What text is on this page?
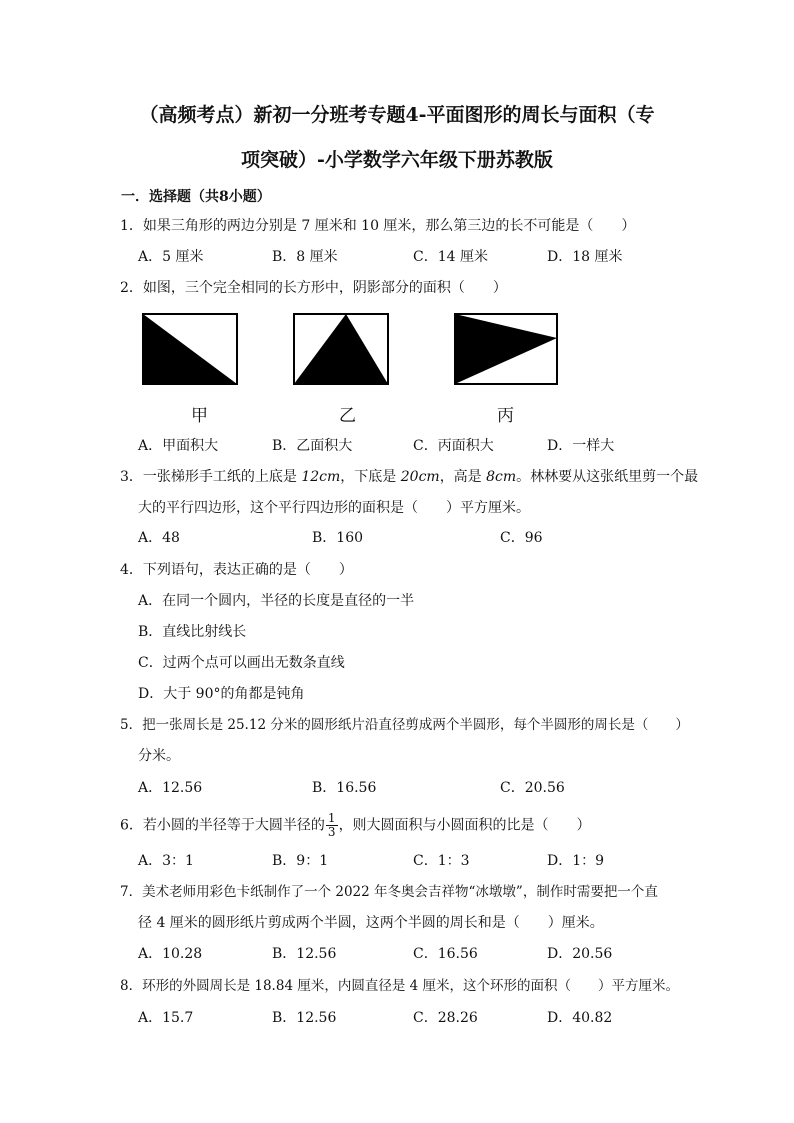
（高频考点）新初一分班考专题4-平面图形的周长与面积（专
项突破）-小学数学六年级下册苏教版
一．选择题（共8小题）
1．如果三角形的两边分别是 7 厘米和 10 厘米，那么第三边的长不可能是（　　）
A．5 厘米	B．8 厘米	C．14 厘米	D．18 厘米
2．如图，三个完全相同的长方形中，阴影部分的面积（　　）
甲	乙	丙
A．甲面积大	B．乙面积大	C．丙面积大	D．一样大
3．一张梯形手工纸的上底是 12cm，下底是 20cm，高是 8cm。林林要从这张纸里剪一个最
大的平行四边形，这个平行四边形的面积是（　　）平方厘米。
A．48	B．160	C．96
4．下列语句，表达正确的是（　　）
A．在同一个圆内，半径的长度是直径的一半
B．直线比射线长
C．过两个点可以画出无数条直线
D．大于 90°的角都是钝角
5．把一张周长是 25.12 分米的圆形纸片沿直径剪成两个半圆形，每个半圆形的周长是（　　）
分米。
A．12.56	B．16.56	C．20.56
6．若小圆的半径等于大圆半径的 $\frac{1}{3}$ ，则大圆面积与小圆面积的比是（　　）
A．3：1	B．9：1	C．1：3	D．1：9
7．美术老师用彩色卡纸制作了一个 2022 年冬奥会吉祥物“冰墩墩”，制作时需要把一个直
径 4 厘米的圆形纸片剪成两个半圆，这两个半圆的周长和是（　　）厘米。
A．10.28	B．12.56	C．16.56	D．20.56
8．环形的外圆周长是 18.84 厘米，内圆直径是 4 厘米，这个环形的面积（　　）平方厘米。
A．15.7	B．12.56	C．28.26	D．40.82
